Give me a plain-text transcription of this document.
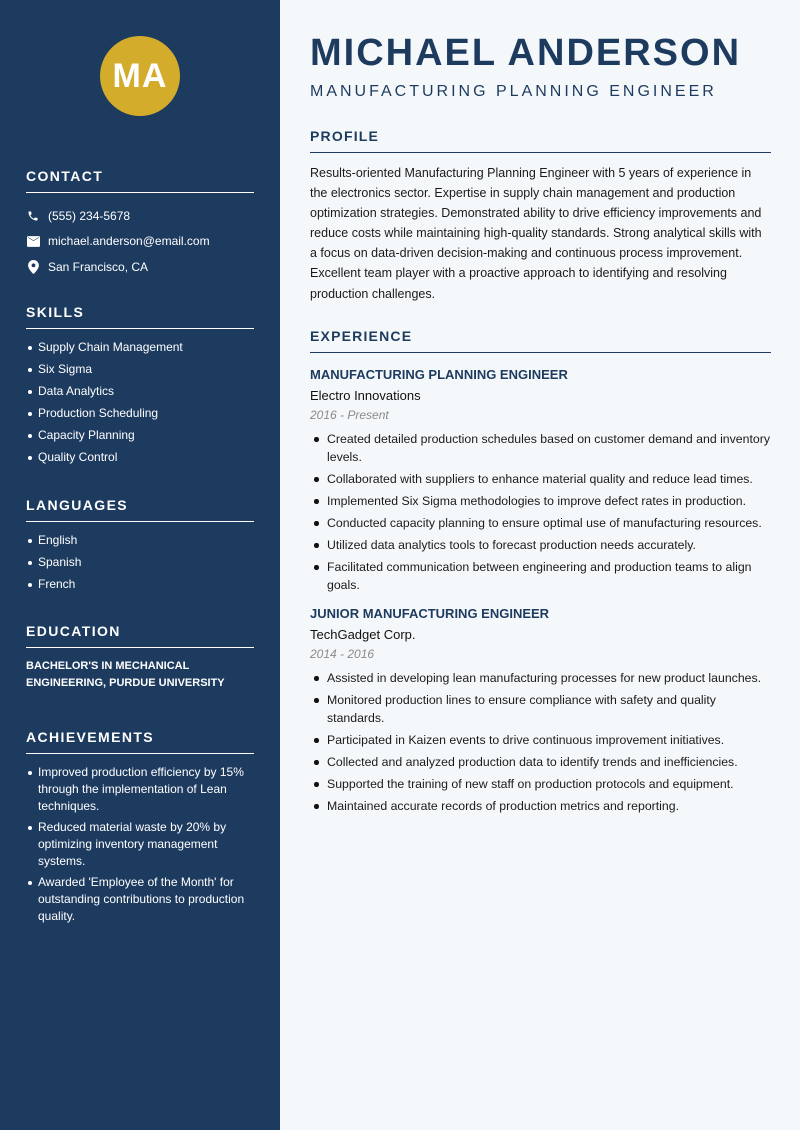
MA
CONTACT
(555) 234-5678
michael.anderson@email.com
San Francisco, CA
SKILLS
Supply Chain Management
Six Sigma
Data Analytics
Production Scheduling
Capacity Planning
Quality Control
LANGUAGES
English
Spanish
French
EDUCATION
BACHELOR'S IN MECHANICAL ENGINEERING, PURDUE UNIVERSITY
ACHIEVEMENTS
Improved production efficiency by 15% through the implementation of Lean techniques.
Reduced material waste by 20% by optimizing inventory management systems.
Awarded 'Employee of the Month' for outstanding contributions to production quality.
MICHAEL ANDERSON
MANUFACTURING PLANNING ENGINEER
PROFILE

Results-oriented Manufacturing Planning Engineer with 5 years of experience in the electronics sector. Expertise in supply chain management and production optimization strategies. Demonstrated ability to drive efficiency improvements and reduce costs while maintaining high-quality standards. Strong analytical skills with a focus on data-driven decision-making and continuous process improvement. Excellent team player with a proactive approach to identifying and resolving production challenges.

EXPERIENCE
MANUFACTURING PLANNING ENGINEER
Electro Innovations
2016 - Present
Created detailed production schedules based on customer demand and inventory levels.
Collaborated with suppliers to enhance material quality and reduce lead times.
Implemented Six Sigma methodologies to improve defect rates in production.
Conducted capacity planning to ensure optimal use of manufacturing resources.
Utilized data analytics tools to forecast production needs accurately.
Facilitated communication between engineering and production teams to align goals.
JUNIOR MANUFACTURING ENGINEER
TechGadget Corp.
2014 - 2016
Assisted in developing lean manufacturing processes for new product launches.
Monitored production lines to ensure compliance with safety and quality standards.
Participated in Kaizen events to drive continuous improvement initiatives.
Collected and analyzed production data to identify trends and inefficiencies.
Supported the training of new staff on production protocols and equipment.
Maintained accurate records of production metrics and reporting.
